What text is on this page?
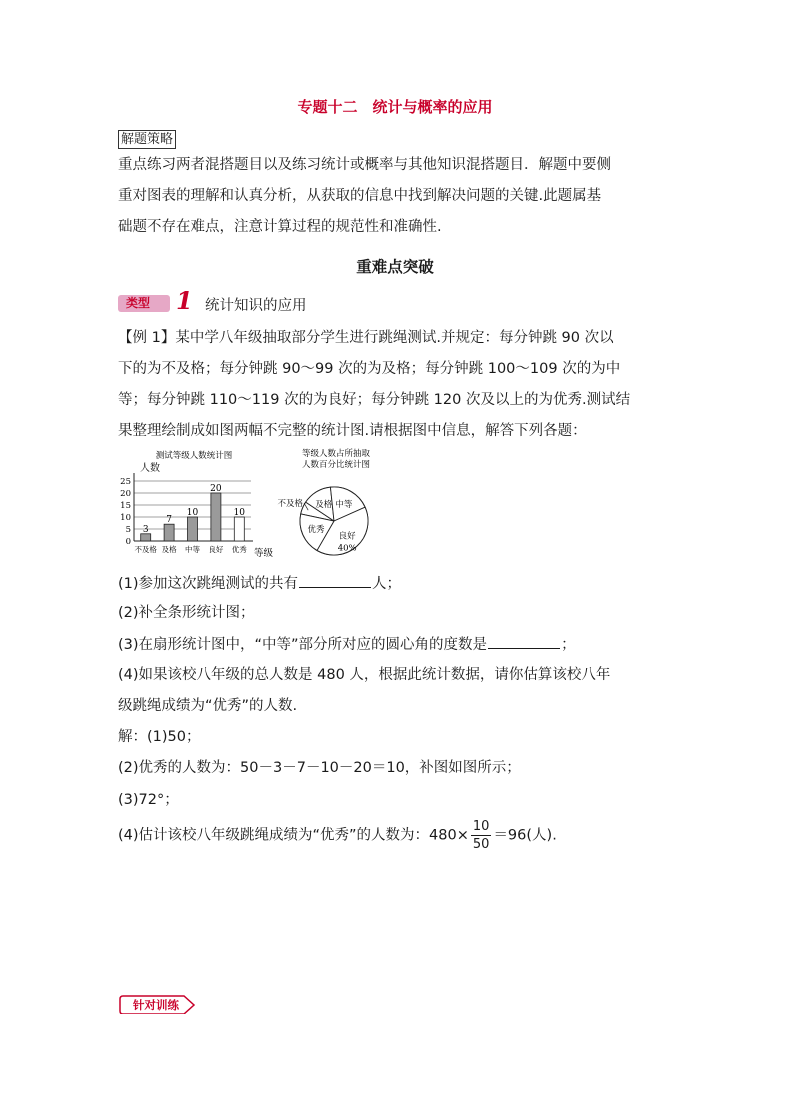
专题十二　统计与概率的应用
解题策略
重点练习两者混搭题目以及练习统计或概率与其他知识混搭题目．解题中要侧
重对图表的理解和认真分析，从获取的信息中找到解决问题的关键.此题属基
础题不存在难点，注意计算过程的规范性和准确性.
重难点突破
类型	1 统计知识的应用
【例 1】某中学八年级抽取部分学生进行跳绳测试.并规定：每分钟跳 90 次以
下的为不及格；每分钟跳 90～99 次的为及格；每分钟跳 100～109 次的为中
等；每分钟跳 110～119 次的为良好；每分钟跳 120 次及以上的为优秀.测试结
果整理绘制成如图两幅不完整的统计图.请根据图中信息，解答下列各题：
测试等级人数统计图
人数
等级
0
5
10
15
20
25
3
7
10
20
10
不及格 及格 中等 良好 优秀
等级人数占所抽取
人数百分比统计图
不及格 及格 中等
良好
40%
优秀
(1)参加这次跳绳测试的共有	人；
(2)补全条形统计图；
(3)在扇形统计图中，“中等”部分所对应的圆心角的度数是	；
(4)如果该校八年级的总人数是 480 人，根据此统计数据，请你估算该校八年
级跳绳成绩为“优秀”的人数.
解：(1)50；
(2)优秀的人数为：50－3－7－10－20＝10，补图如图所示；
(3)72°；
(4)估计该校八年级跳绳成绩为“优秀”的人数为：$480\times \frac{10}{50} =96$(人).
针对训练
